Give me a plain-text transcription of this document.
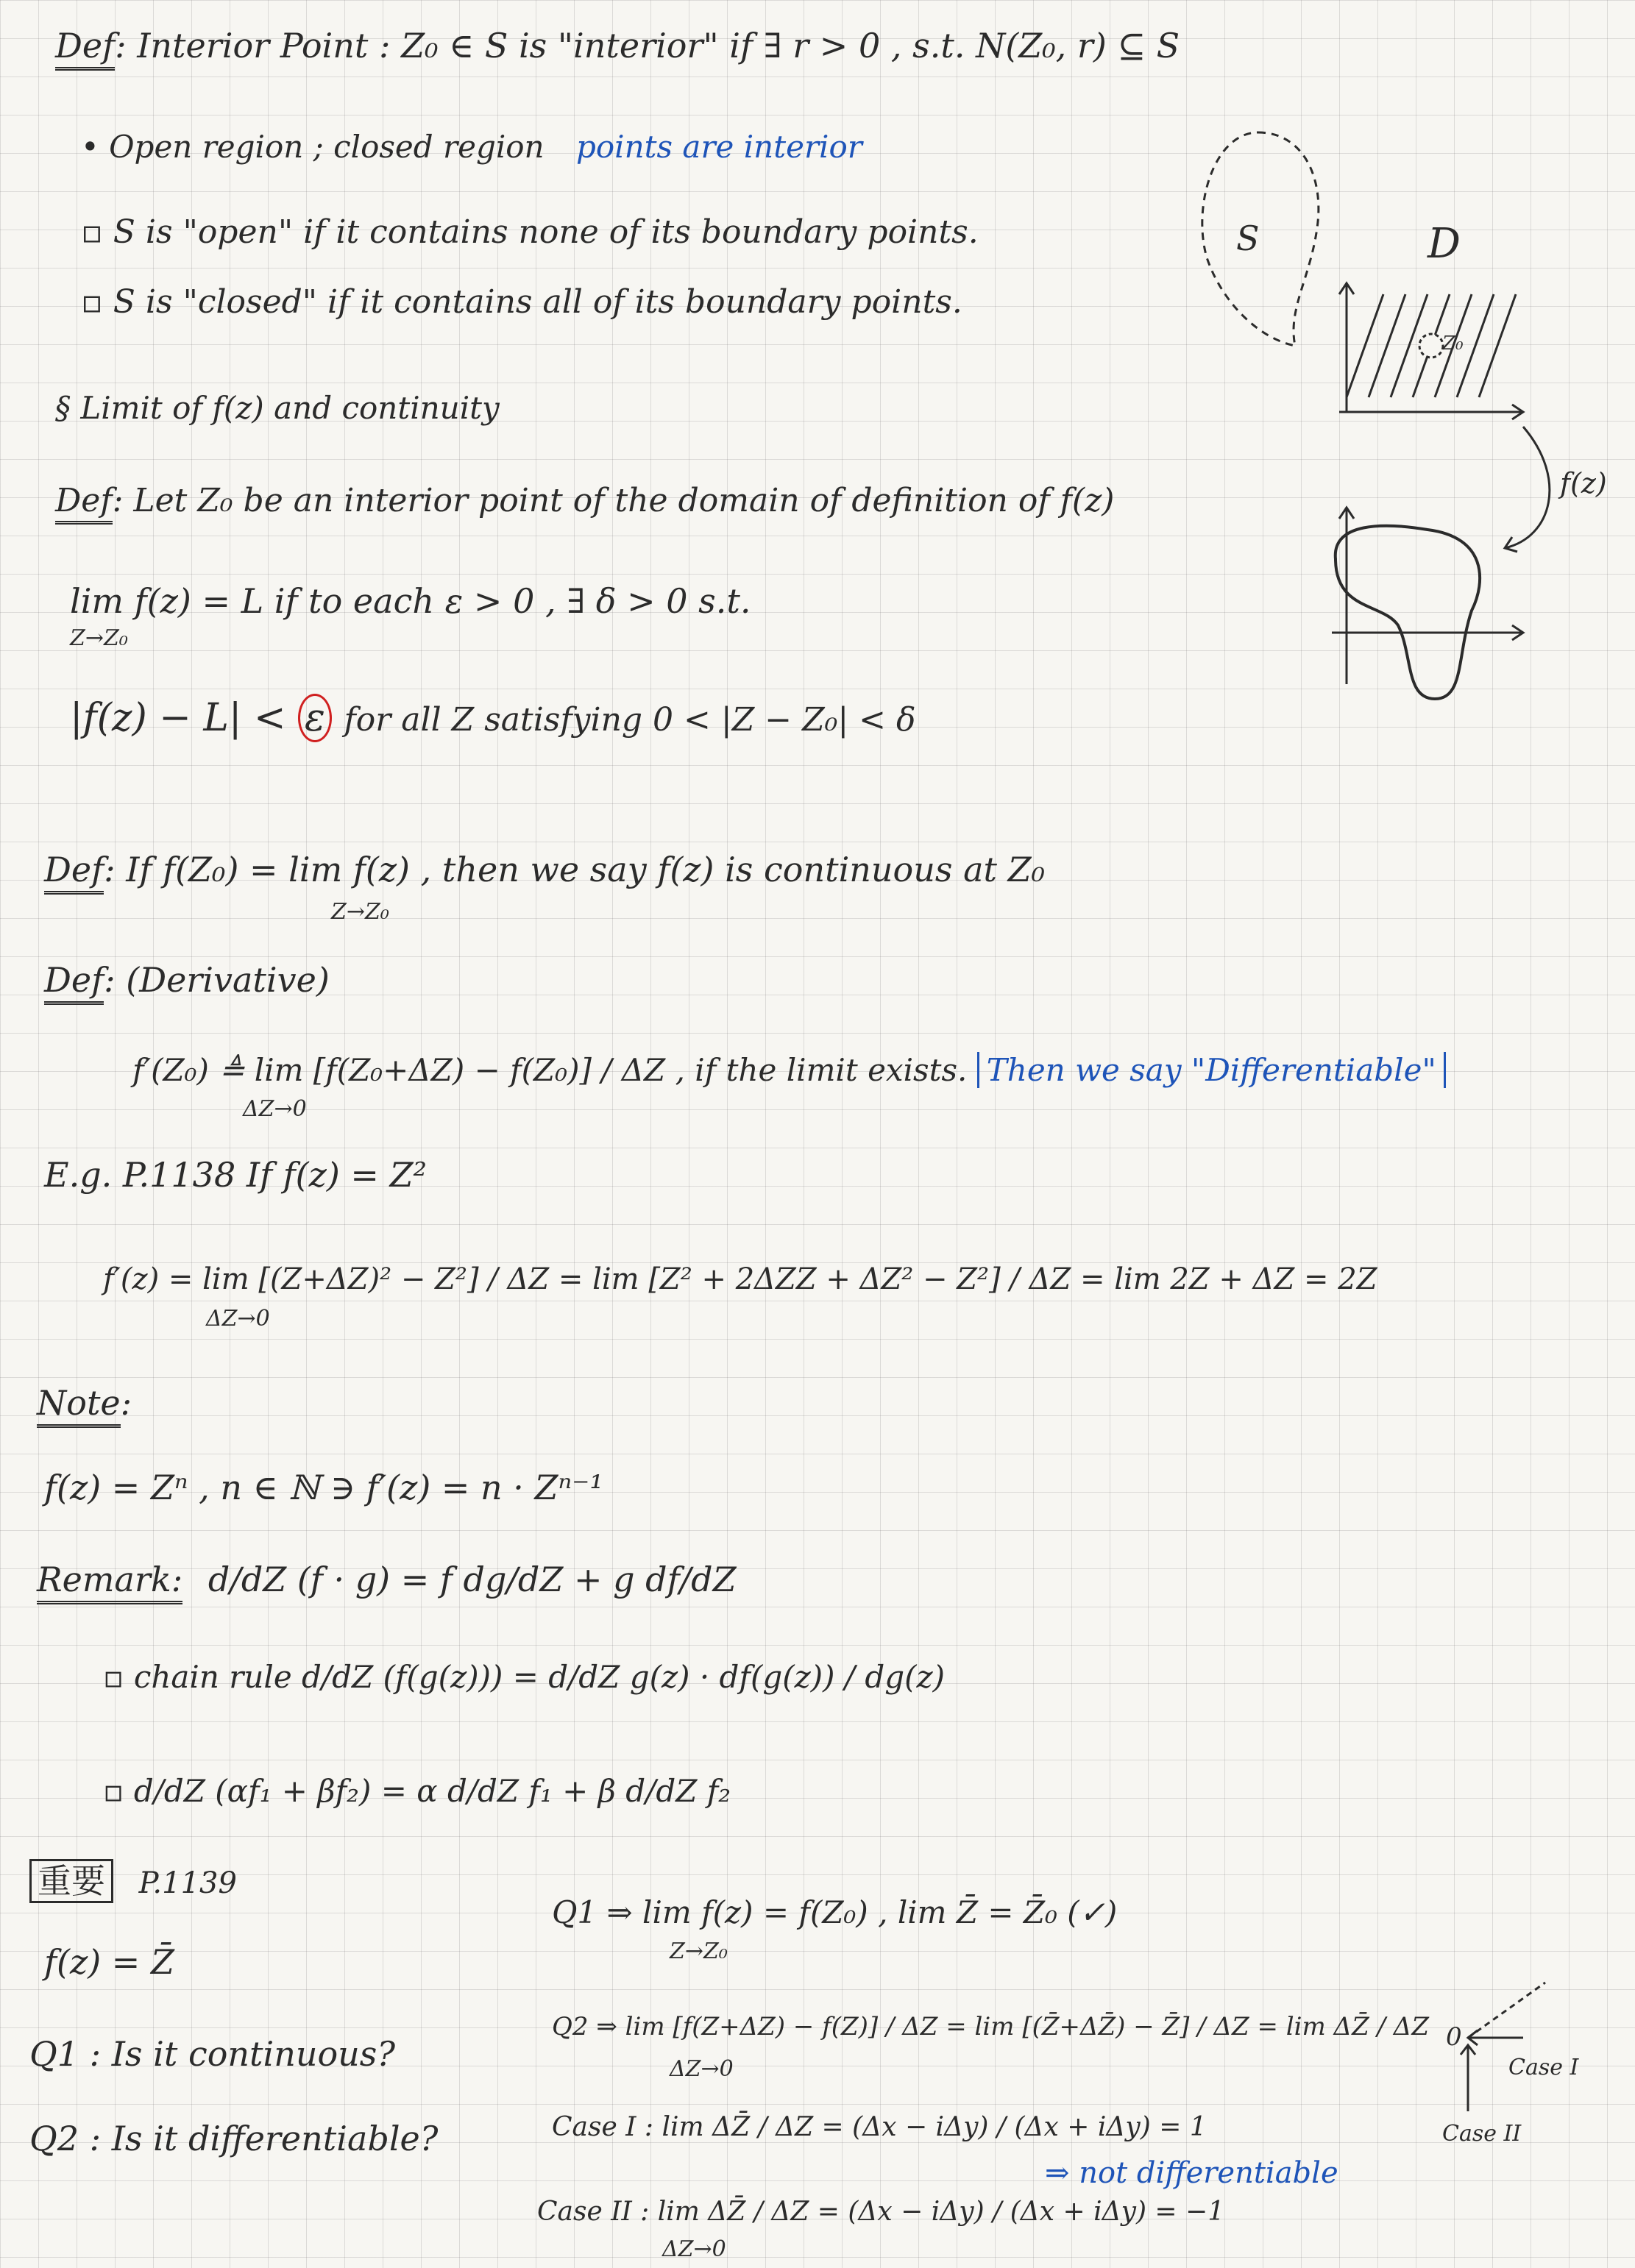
Def: Interior Point : Z₀ ∈ S is "interior" if ∃ r > 0 , s.t. N(Z₀, r) ⊆ S
• Open region ; closed region points are interior
▫ S is "open" if it contains none of its boundary points.
▫ S is "closed" if it contains all of its boundary points.
§ Limit of f(z) and continuity
Def: Let Z₀ be an interior point of the domain of definition of f(z)
lim f(z) = L if to each ε > 0 , ∃ δ > 0 s.t.
Z→Z₀
|f(z) − L| < ε for all Z satisfying 0 < |Z − Z₀| < δ
Def: If f(Z₀) = lim f(z) , then we say f(z) is continuous at Z₀
Z→Z₀
Def: (Derivative)
f′(Z₀) ≜ lim [f(Z₀+ΔZ) − f(Z₀)] / ΔZ , if the limit exists. Then we say "Differentiable"
ΔZ→0
E.g. P.1138 If f(z) = Z²
f′(z) = lim [(Z+ΔZ)² − Z²] / ΔZ = lim [Z² + 2ΔZZ + ΔZ² − Z²] / ΔZ = lim 2Z + ΔZ = 2Z
ΔZ→0
Note:
f(z) = Zⁿ , n ∈ ℕ ∋ f′(z) = n · Zⁿ⁻¹
Remark: d/dZ (f · g) = f dg/dZ + g df/dZ
▫ chain rule d/dZ (f(g(z))) = d/dZ g(z) · df(g(z)) / dg(z)
▫ d/dZ (αf₁ + βf₂) = α d/dZ f₁ + β d/dZ f₂
重要 P.1139
f(z) = Z̄
Q1 : Is it continuous?
Q2 : Is it differentiable?
Q1 ⇒ lim f(z) = f(Z₀) , lim Z̄ = Z̄₀ (✓)
Z→Z₀
Q2 ⇒ lim [f(Z+ΔZ) − f(Z)] / ΔZ = lim [(Z̄+ΔZ̄) − Z̄] / ΔZ = lim ΔZ̄ / ΔZ
ΔZ→0
Case I : lim ΔZ̄ / ΔZ = (Δx − iΔy) / (Δx + iΔy) = 1
Case II : lim ΔZ̄ / ΔZ = (Δx − iΔy) / (Δx + iΔy) = −1
ΔZ→0
⇒ not differentiable
S	D
Z₀
f(z)
0
Case I
Case II
